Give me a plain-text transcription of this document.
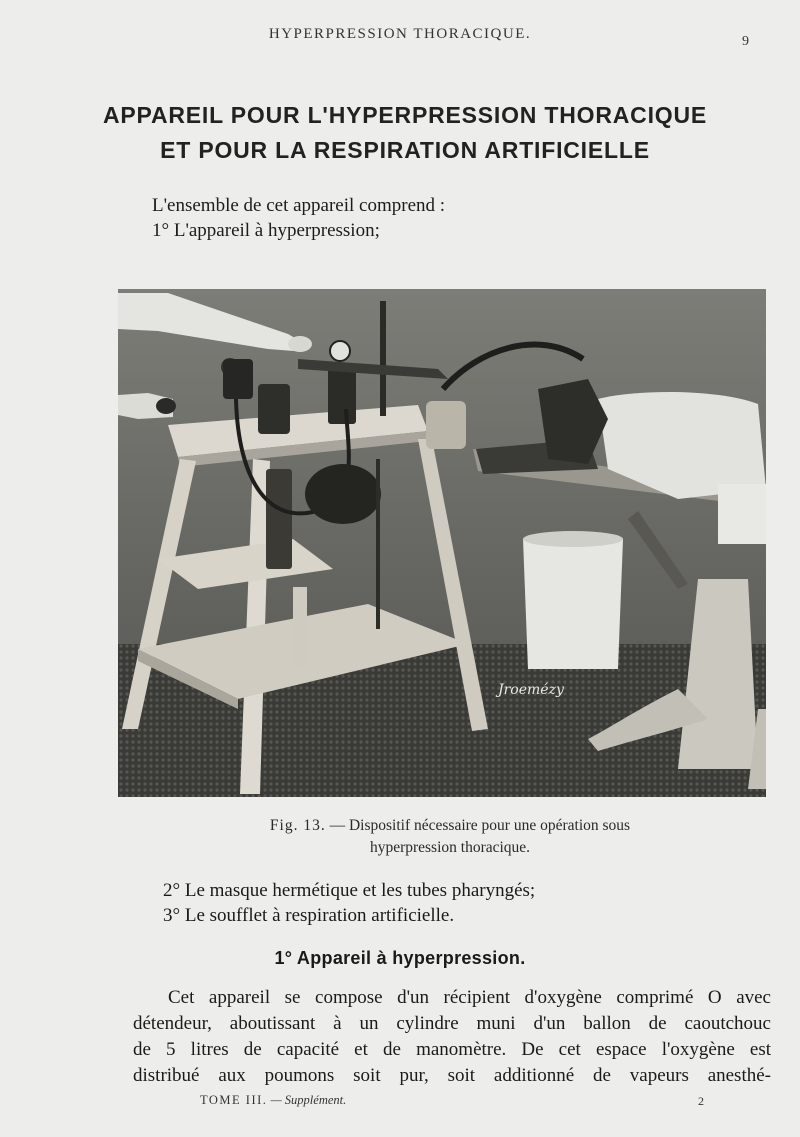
HYPERPRESSION THORACIQUE.	9
APPAREIL POUR L'HYPERPRESSION THORACIQUE
ET POUR LA RESPIRATION ARTIFICIELLE
L'ensemble de cet appareil comprend :
1° L'appareil à hyperpression;
Jroemézy
Fig. 13. — Dispositif nécessaire pour une opération sous
hyperpression thoracique.
2° Le masque hermétique et les tubes pharyngés;
3° Le soufflet à respiration artificielle.
1° Appareil à hyperpression.
Cet appareil se compose d'un récipient d'oxygène comprimé O avec
détendeur, aboutissant à un cylindre muni d'un ballon de caoutchouc
de 5 litres de capacité et de manomètre. De cet espace l'oxygène est
distribué aux poumons soit pur, soit additionné de vapeurs anesthé-
TOME III. — Supplément.	2
